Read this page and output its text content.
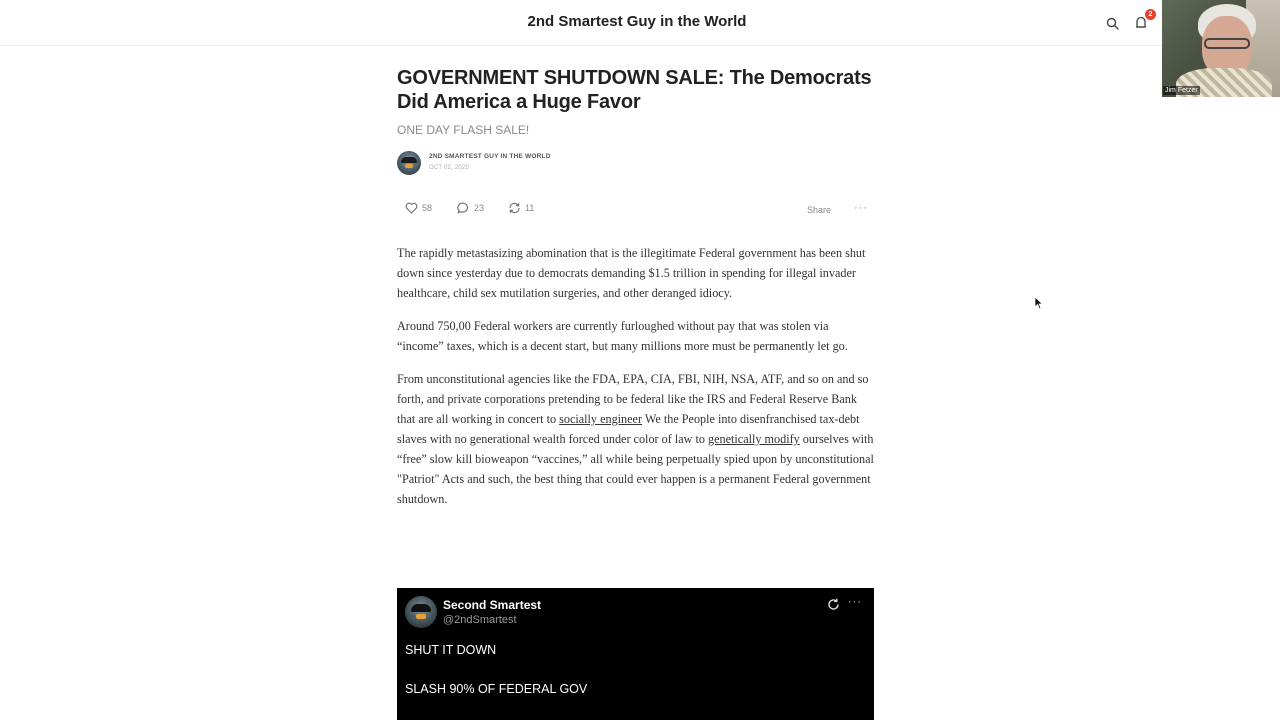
2nd Smartest Guy in the World	2
Jim Fetzer
GOVERNMENT SHUTDOWN SALE: The Democrats Did America a Huge Favor
ONE DAY FLASH SALE!
2ND SMARTEST GUY IN THE WORLD
OCT 02, 2025
58	23	11	Share ···

The rapidly metastasizing abomination that is the illegitimate Federal government has been shut down since yesterday due to democrats demanding $1.5 trillion in spending for illegal invader healthcare, child sex mutilation surgeries, and other deranged idiocy.

Around 750,00 Federal workers are currently furloughed without pay that was stolen via “income” taxes, which is a decent start, but many millions more must be permanently let go.

From unconstitutional agencies like the FDA, EPA, CIA, FBI, NIH, NSA, ATF, and so on and so forth, and private corporations pretending to be federal like the IRS and Federal Reserve Bank that are all working in concert to socially engineer We the People into disenfranchised tax-debt slaves with no generational wealth forced under color of law to genetically modify ourselves with “free” slow kill bioweapon “vaccines,” all while being perpetually spied upon by unconstitutional
"Patriot" Acts and such, the best thing that could ever happen is a permanent Federal government shutdown.

Second Smartest
@2ndSmartest
···
SHUT IT DOWN
SLASH 90% OF FEDERAL GOV
